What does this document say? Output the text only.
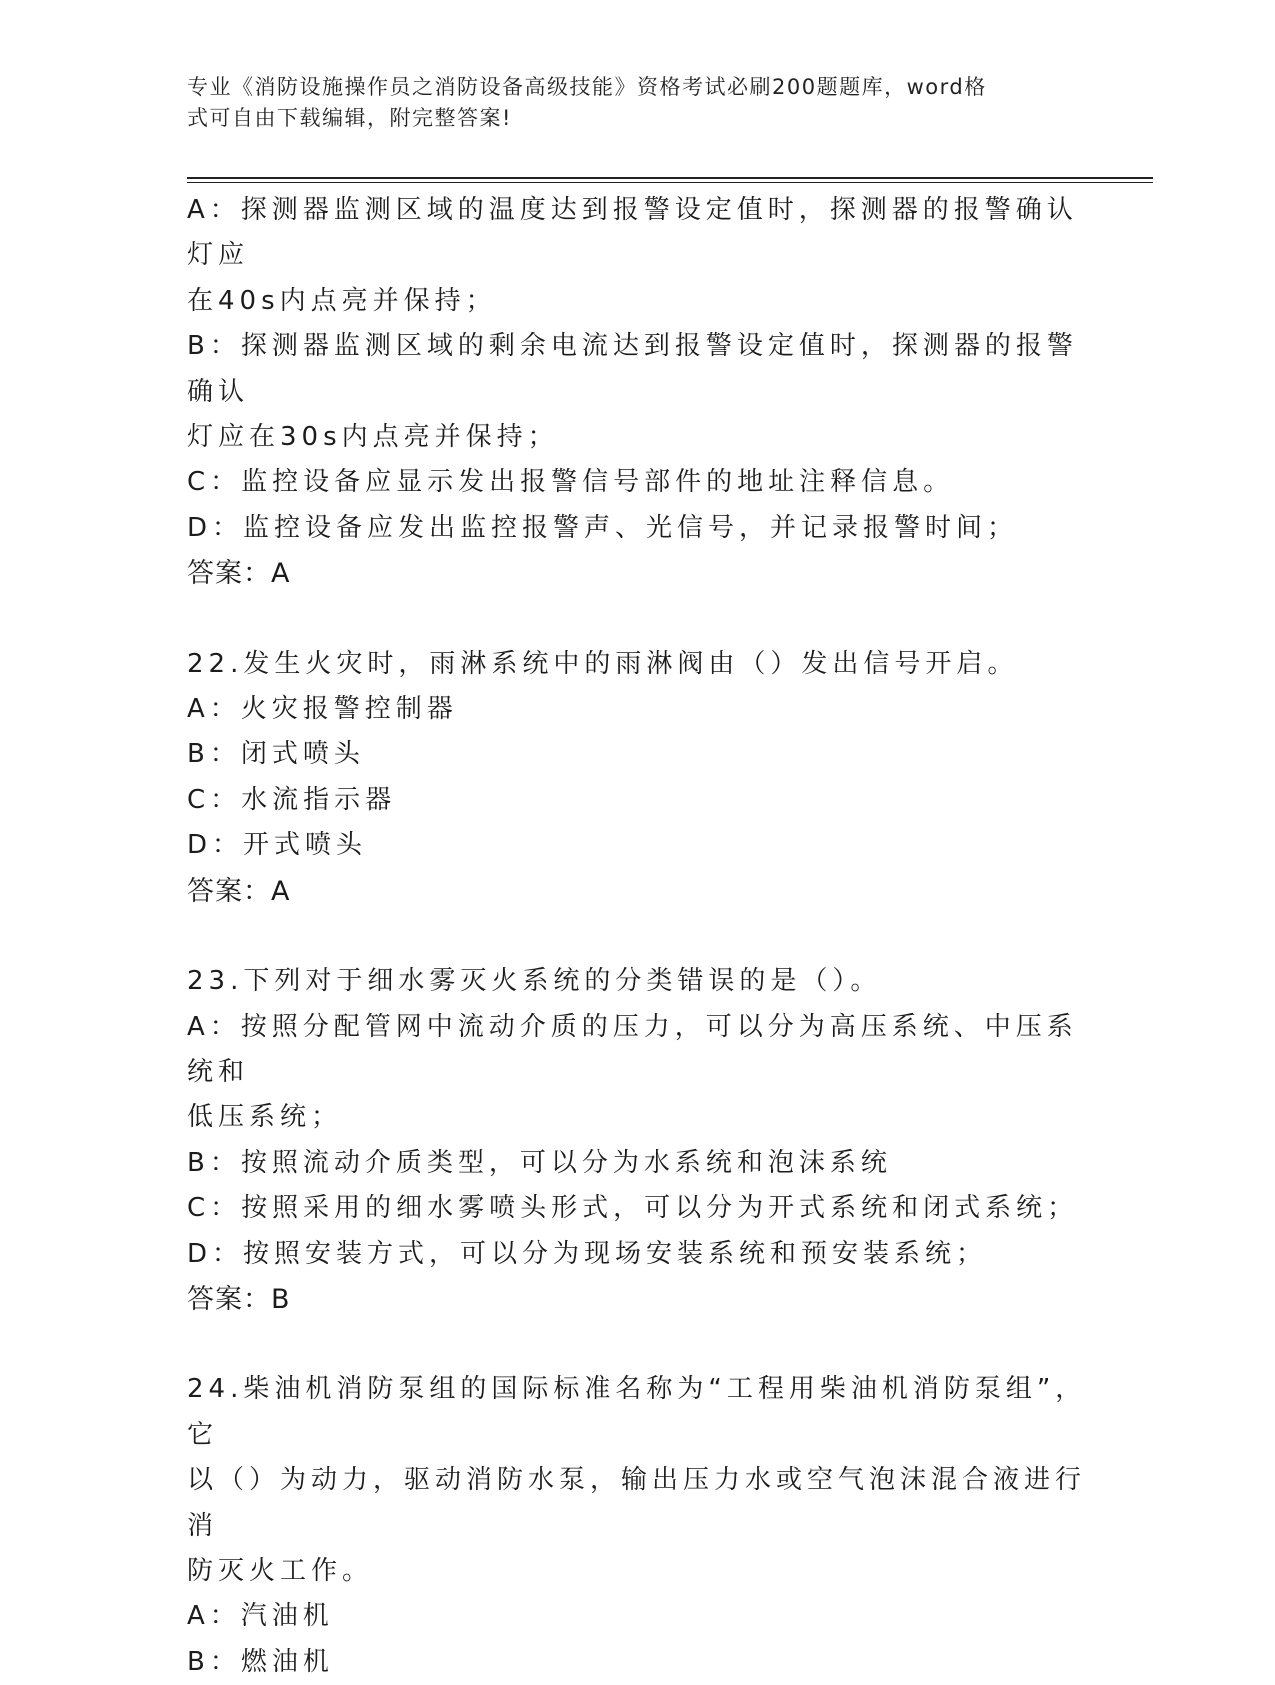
专业《消防设施操作员之消防设备高级技能》资格考试必刷200题题库，word格
式可自由下载编辑，附完整答案!

A：探测器监测区域的温度达到报警设定值时，探测器的报警确认灯应

在40s内点亮并保持；

B：探测器监测区域的剩余电流达到报警设定值时，探测器的报警确认

灯应在30s内点亮并保持；

C：监控设备应显示发出报警信号部件的地址注释信息。

D：监控设备应发出监控报警声、光信号，并记录报警时间；

答案：A

22.发生火灾时，雨淋系统中的雨淋阀由（）发出信号开启。

A：火灾报警控制器

B：闭式喷头

C：水流指示器

D：开式喷头

答案：A

23.下列对于细水雾灭火系统的分类错误的是（）。

A：按照分配管网中流动介质的压力，可以分为高压系统、中压系统和

低压系统；

B：按照流动介质类型，可以分为水系统和泡沫系统

C：按照采用的细水雾喷头形式，可以分为开式系统和闭式系统；

D：按照安装方式，可以分为现场安装系统和预安装系统；

答案：B

24.柴油机消防泵组的国际标准名称为“工程用柴油机消防泵组”，它

以（）为动力，驱动消防水泵，输出压力水或空气泡沫混合液进行消

防灭火工作。

A：汽油机

B：燃油机
